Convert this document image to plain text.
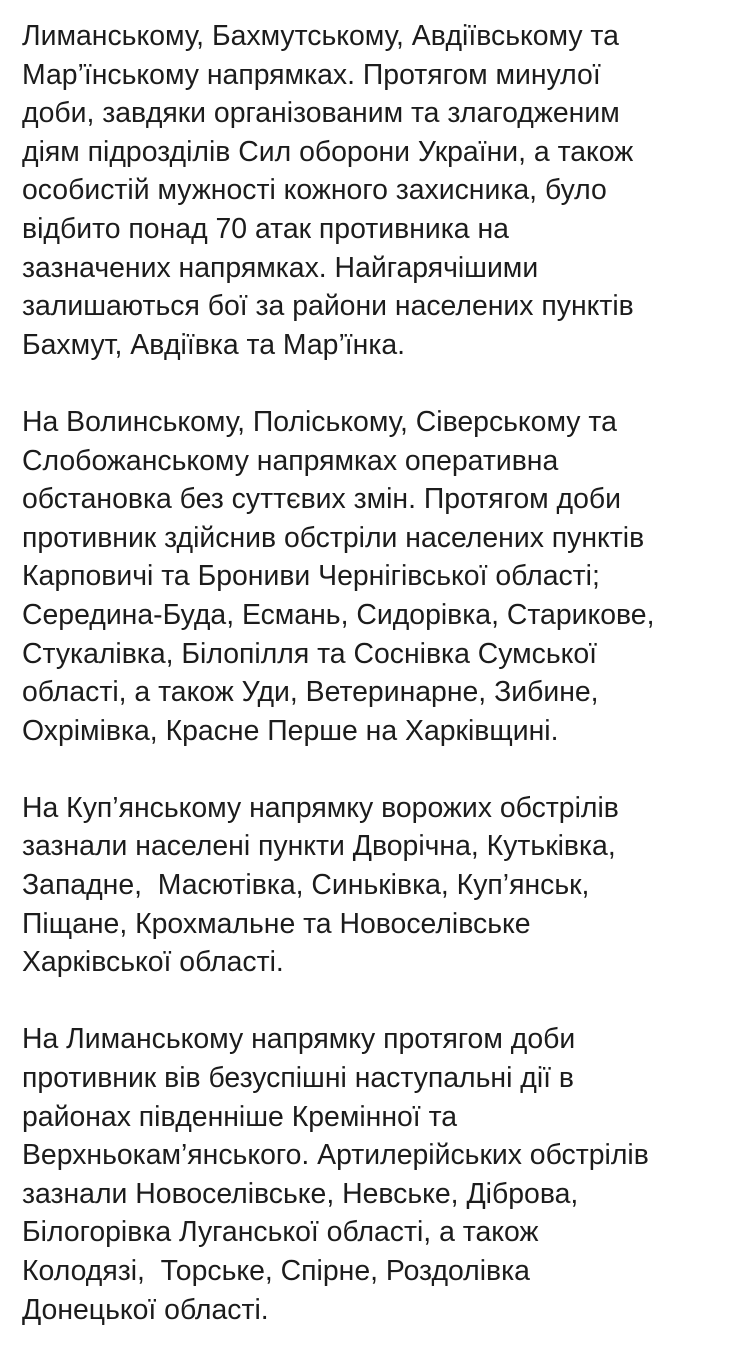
Лиманському, Бахмутському, Авдіївському та
Мар’їнському напрямках. Протягом минулої
доби, завдяки організованим та злагодженим
діям підрозділів Сил оборони України, а також
особистій мужності кожного захисника, було
відбито понад 70 атак противника на
зазначених напрямках. Найгарячішими
залишаються бої за райони населених пунктів
Бахмут, Авдіївка та Мар’їнка.

На Волинському, Поліському, Сіверському та
Слобожанському напрямках оперативна
обстановка без суттєвих змін. Протягом доби
противник здійснив обстріли населених пунктів
Карповичі та Брониви Чернігівської області;
Середина-Буда, Есмань, Сидорівка, Старикове,
Стукалівка, Білопілля та Соснівка Сумської
області, а також Уди, Ветеринарне, Зибине,
Охрімівка, Красне Перше на Харківщині.

На Куп’янському напрямку ворожих обстрілів
зазнали населені пункти Дворічна, Кутьківка,
Западне,  Масютівка, Синьківка, Куп’янськ,
Піщане, Крохмальне та Новоселівське
Харківської області.

На Лиманському напрямку протягом доби
противник вів безуспішні наступальні дії в
районах південніше Кремінної та
Верхньокам’янського. Артилерійських обстрілів
зазнали Новоселівське, Невське, Діброва,
Білогорівка Луганської області, а також
Колодязі,  Торське, Спірне, Роздолівка
Донецької області.
